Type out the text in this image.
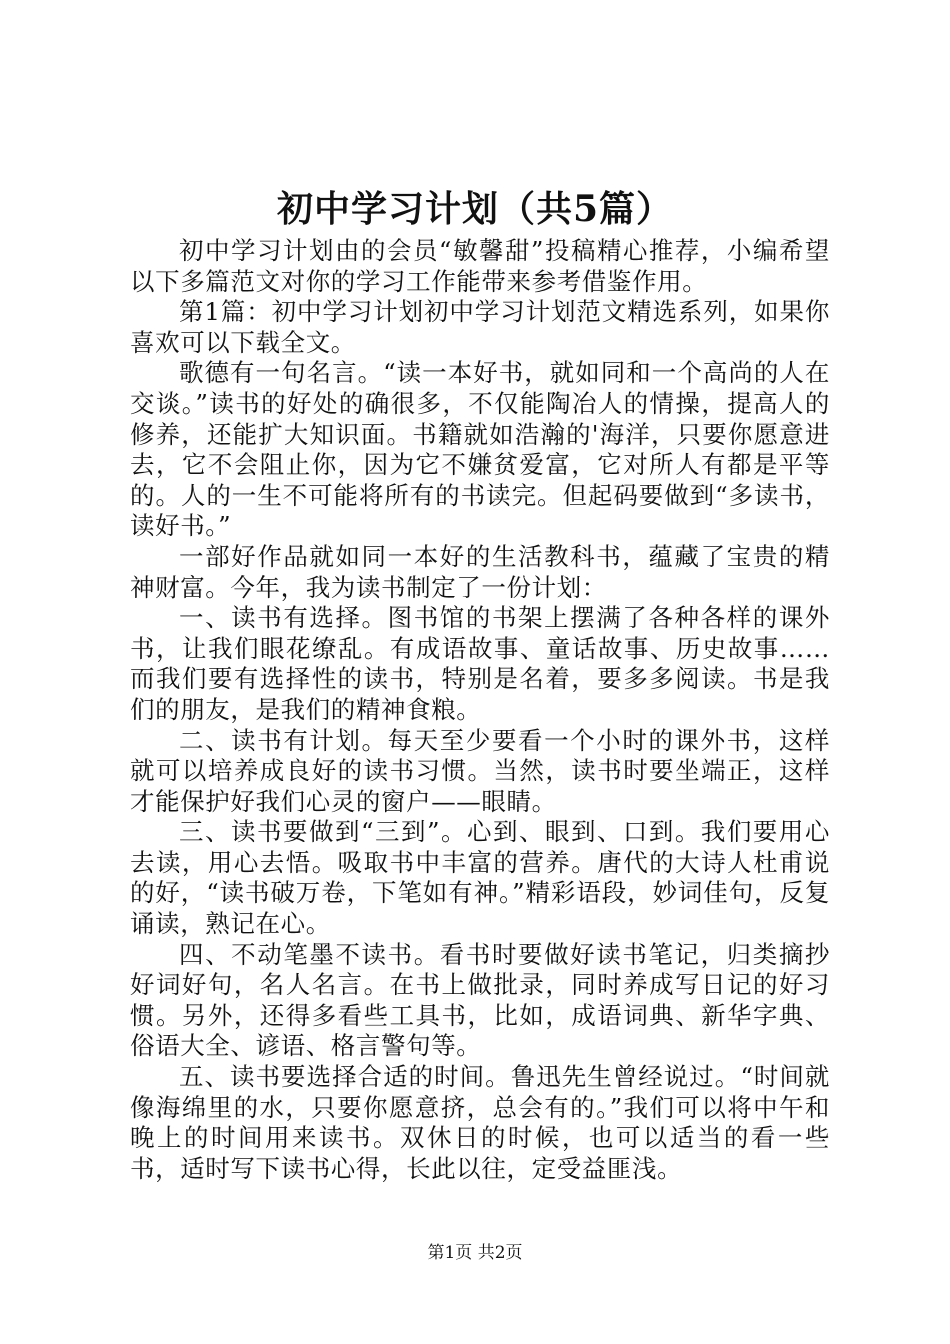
初中学习计划（共5篇）

初中学习计划由的会员“敏馨甜”投稿精心推荐，小编希望以下多篇范文对你的学习工作能带来参考借鉴作用。

第1篇：初中学习计划初中学习计划范文精选系列，如果你喜欢可以下载全文。

歌德有一句名言。“读一本好书，就如同和一个高尚的人在交谈。”读书的好处的确很多，不仅能陶冶人的情操，提高人的修养，还能扩大知识面。书籍就如浩瀚的'海洋，只要你愿意进去，它不会阻止你，因为它不嫌贫爱富，它对所人有都是平等的。人的一生不可能将所有的书读完。但起码要做到“多读书，读好书。”

一部好作品就如同一本好的生活教科书，蕴藏了宝贵的精神财富。今年，我为读书制定了一份计划：

一、读书有选择。图书馆的书架上摆满了各种各样的课外书，让我们眼花缭乱。有成语故事、童话故事、历史故事……而我们要有选择性的读书，特别是名着，要多多阅读。书是我们的朋友，是我们的精神食粮。

二、读书有计划。每天至少要看一个小时的课外书，这样就可以培养成良好的读书习惯。当然，读书时要坐端正，这样才能保护好我们心灵的窗户——眼睛。

三、读书要做到“三到”。心到、眼到、口到。我们要用心去读，用心去悟。吸取书中丰富的营养。唐代的大诗人杜甫说的好，“读书破万卷，下笔如有神。”精彩语段，妙词佳句，反复诵读，熟记在心。

四、不动笔墨不读书。看书时要做好读书笔记，归类摘抄好词好句，名人名言。在书上做批录，同时养成写日记的好习惯。另外，还得多看些工具书，比如，成语词典、新华字典、俗语大全、谚语、格言警句等。

五、读书要选择合适的时间。鲁迅先生曾经说过。“时间就像海绵里的水，只要你愿意挤，总会有的。”我们可以将中午和晚上的时间用来读书。双休日的时候，也可以适当的看一些书，适时写下读书心得，长此以往，定受益匪浅。

第1页 共2页
